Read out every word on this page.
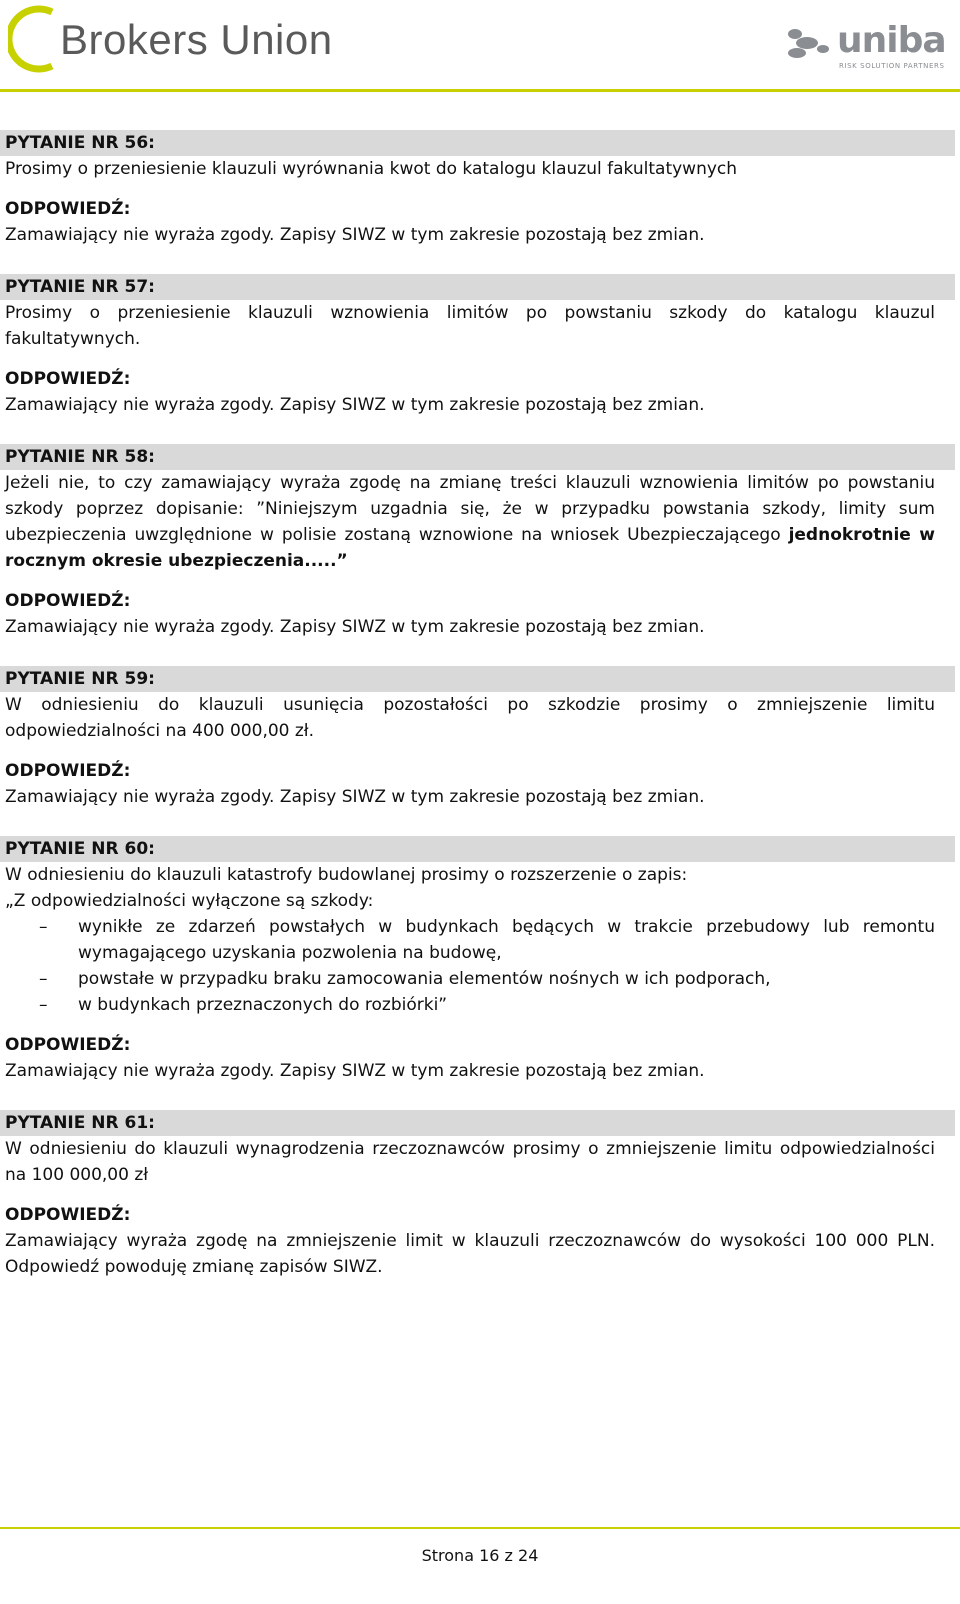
Brokers Union	uniba
RISK SOLUTION PARTNERS
PYTANIE NR 56:
Prosimy o przeniesienie klauzuli wyrównania kwot do katalogu klauzul fakultatywnych
ODPOWIEDŹ:
Zamawiający nie wyraża zgody. Zapisy SIWZ w tym zakresie pozostają bez zmian.
PYTANIE NR 57:
Prosimy o przeniesienie klauzuli wznowienia limitów po powstaniu szkody do katalogu klauzul fakultatywnych.
ODPOWIEDŹ:
Zamawiający nie wyraża zgody. Zapisy SIWZ w tym zakresie pozostają bez zmian.
PYTANIE NR 58:
Jeżeli nie, to czy zamawiający wyraża zgodę na zmianę treści klauzuli wznowienia limitów po powstaniu szkody poprzez dopisanie: ”Niniejszym uzgadnia się, że w przypadku powstania szkody, limity sum ubezpieczenia uwzględnione w polisie zostaną wznowione na wniosek Ubezpieczającego jednokrotnie w rocznym okresie ubezpieczenia.....”
ODPOWIEDŹ:
Zamawiający nie wyraża zgody. Zapisy SIWZ w tym zakresie pozostają bez zmian.
PYTANIE NR 59:
W odniesieniu do klauzuli usunięcia pozostałości po szkodzie prosimy o zmniejszenie limitu odpowiedzialności na 400 000,00 zł.
ODPOWIEDŹ:
Zamawiający nie wyraża zgody. Zapisy SIWZ w tym zakresie pozostają bez zmian.
PYTANIE NR 60:
W odniesieniu do klauzuli katastrofy budowlanej prosimy o rozszerzenie o zapis:
„Z odpowiedzialności wyłączone są szkody:
– wynikłe ze zdarzeń powstałych w budynkach będących w trakcie przebudowy lub remontu wymagającego uzyskania pozwolenia na budowę,
– powstałe w przypadku braku zamocowania elementów nośnych w ich podporach,
– w budynkach przeznaczonych do rozbiórki”
ODPOWIEDŹ:
Zamawiający nie wyraża zgody. Zapisy SIWZ w tym zakresie pozostają bez zmian.
PYTANIE NR 61:
W odniesieniu do klauzuli wynagrodzenia rzeczoznawców prosimy o zmniejszenie limitu odpowiedzialności na 100 000,00 zł
ODPOWIEDŹ:
Zamawiający wyraża zgodę na zmniejszenie limit w klauzuli rzeczoznawców do wysokości 100 000 PLN. Odpowiedź powoduję zmianę zapisów SIWZ.
Strona 16 z 24
